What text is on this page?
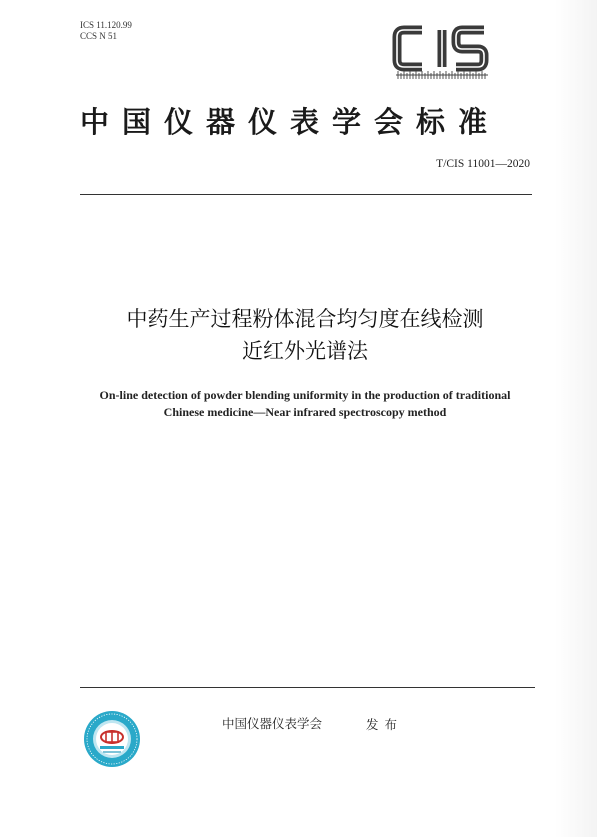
ICS 11.120.99
CCS N 51
中国仪器仪表学会标准
T/CIS 11001—2020
中药生产过程粉体混合均匀度在线检测
近红外光谱法
On-line detection of powder blending uniformity in the production of traditional
Chinese medicine—Near infrared spectroscopy method
中国仪器仪表学会	发布
